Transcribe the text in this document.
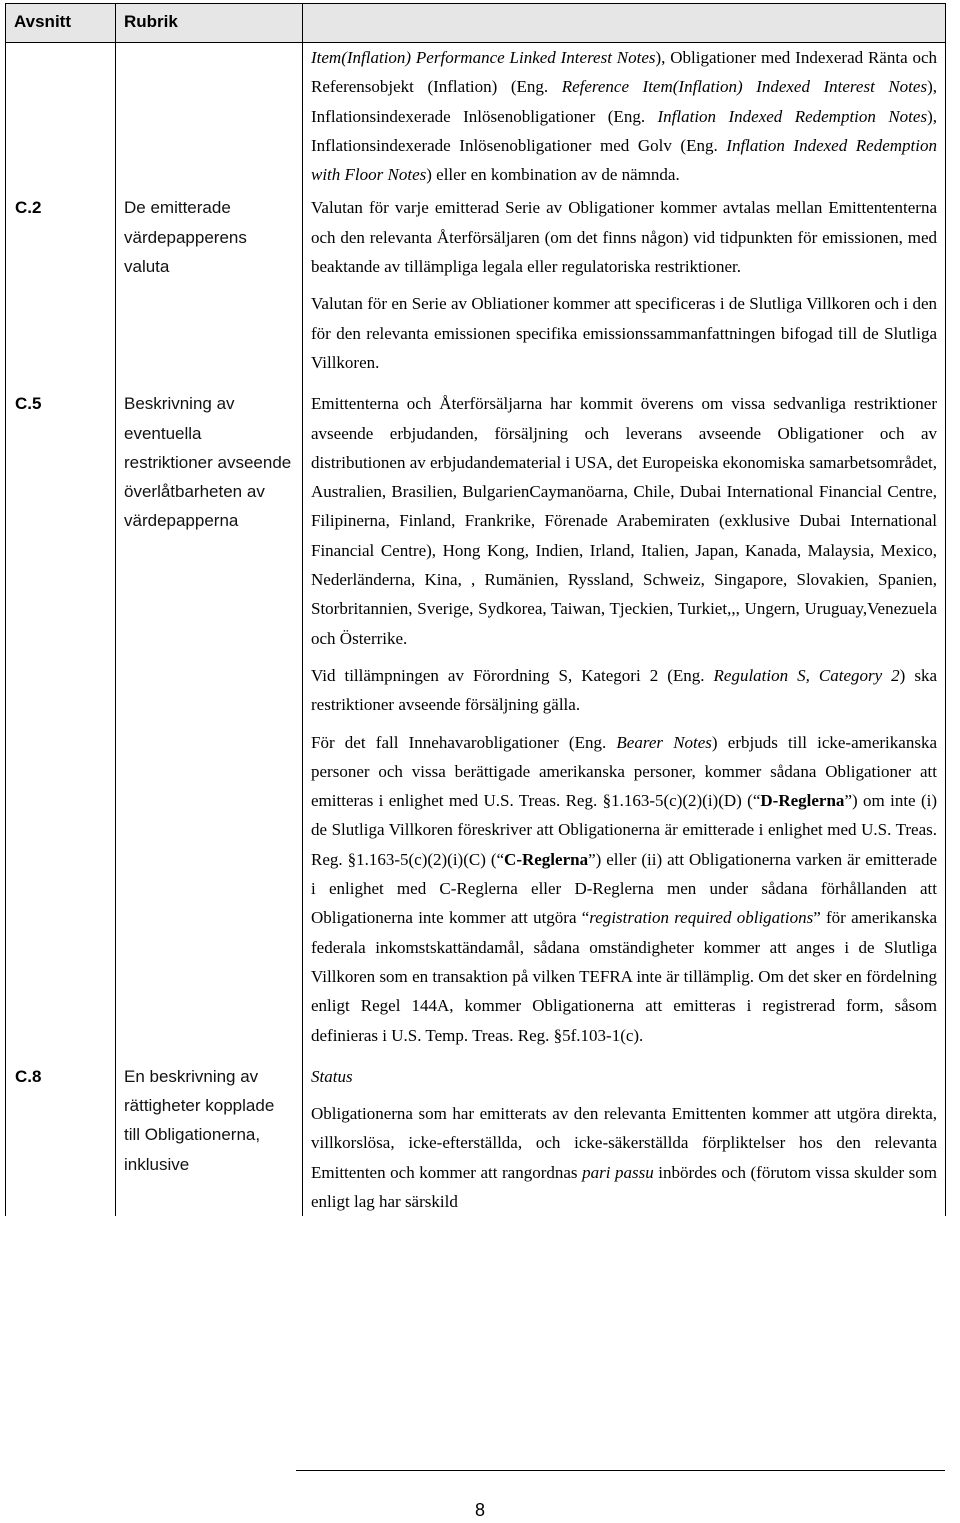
Avsnitt	Rubrik	

		Item(Inflation) Performance Linked Interest Notes), Obligationer med Indexerad Ränta och Referensobjekt (Inflation) (Eng. Reference Item(Inflation) Indexed Interest Notes), Inflationsindexerade Inlösenobligationer (Eng. Inflation Indexed Redemption Notes), Inflationsindexerade Inlösenobligationer med Golv (Eng. Inflation Indexed Redemption with Floor Notes) eller en kombination av de nämnda.

C.2	De emitterade värdepapperens valuta	Valutan för varje emitterad Serie av Obligationer kommer avtalas mellan Emittententerna och den relevanta Återförsäljaren (om det finns någon) vid tidpunkten för emissionen, med beaktande av tillämpliga legala eller regulatoriska restriktioner.

Valutan för en Serie av Obliationer kommer att specificeras i de Slutliga Villkoren och i den för den relevanta emissionen specifika emissionssammanfattningen bifogad till de Slutliga Villkoren.

C.5	Beskrivning av eventuella restriktioner avseende överlåtbarheten av värdepapperna	Emittenterna och Återförsäljarna har kommit överens om vissa sedvanliga restriktioner avseende erbjudanden, försäljning och leverans avseende Obligationer och av distributionen av erbjudandematerial i USA, det Europeiska ekonomiska samarbetsområdet, Australien, Brasilien, BulgarienCaymanöarna, Chile, Dubai International Financial Centre, Filipinerna, Finland, Frankrike, Förenade Arabemiraten (exklusive Dubai International Financial Centre), Hong Kong, Indien, Irland, Italien, Japan, Kanada, Malaysia, Mexico, Nederländerna, Kina, , Rumänien, Ryssland, Schweiz, Singapore, Slovakien, Spanien, Storbritannien, Sverige, Sydkorea, Taiwan, Tjeckien, Turkiet,,, Ungern, Uruguay,Venezuela och Österrike.

Vid tillämpningen av Förordning S, Kategori 2 (Eng. Regulation S, Category 2) ska restriktioner avseende försäljning gälla.

För det fall Innehavarobligationer (Eng. Bearer Notes) erbjuds till icke-amerikanska personer och vissa berättigade amerikanska personer, kommer sådana Obligationer att emitteras i enlighet med U.S. Treas. Reg. §1.163-5(c)(2)(i)(D) (“D-Reglerna”) om inte (i) de Slutliga Villkoren föreskriver att Obligationerna är emitterade i enlighet med U.S. Treas. Reg. §1.163-5(c)(2)(i)(C) (“C-Reglerna”) eller (ii) att Obligationerna varken är emitterade i enlighet med C-Reglerna eller D-Reglerna men under sådana förhållanden att Obligationerna inte kommer att utgöra “registration required obligations” för amerikanska federala inkomstskattändamål, sådana omständigheter kommer att anges i de Slutliga Villkoren som en transaktion på vilken TEFRA inte är tillämplig. Om det sker en fördelning enligt Regel 144A, kommer Obligationerna att emitteras i registrerad form, såsom definieras i U.S. Temp. Treas. Reg. §5f.103-1(c).

C.8	En beskrivning av rättigheter kopplade till Obligationerna, inklusive	Status

Obligationerna som har emitterats av den relevanta Emittenten kommer att utgöra direkta, villkorslösa, icke-efterställda, och icke-säkerställda förpliktelser hos den relevanta Emittenten och kommer att rangordnas pari passu inbördes och (förutom vissa skulder som enligt lag har särskild

8
